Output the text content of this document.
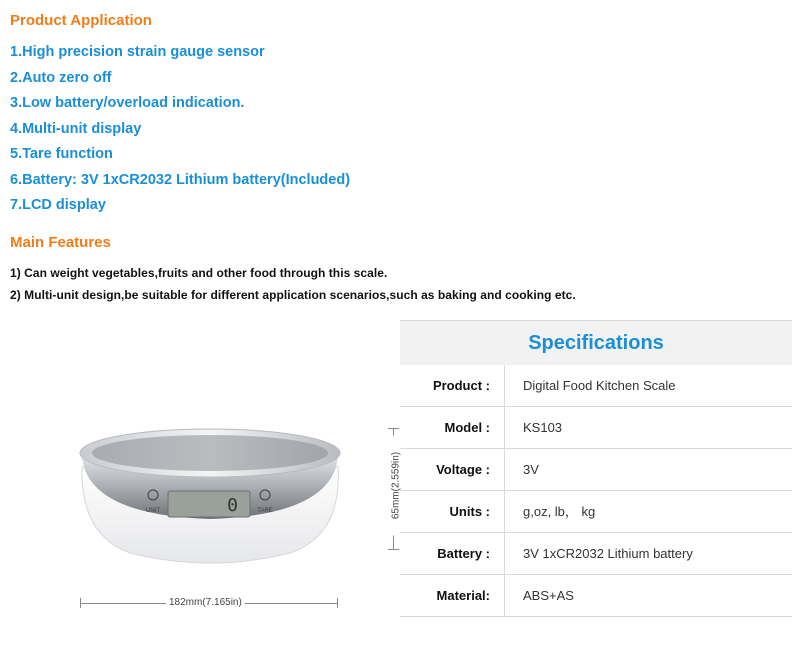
Product Application
1.High precision strain gauge sensor
2.Auto zero off
3.Low battery/overload indication.
4.Multi-unit display
5.Tare function
6.Battery: 3V 1xCR2032 Lithium battery(Included)
7.LCD display
Main Features
1) Can weight vegetables,fruits and other food through this scale.
2) Multi-unit design,be suitable for different application scenarios,such as baking and cooking etc.
0
UNIT	TARE
182mm(7.165in)
65mm(2.559in)
Specifications
Product :	Digital Food Kitchen Scale
Model :	KS103
Voltage :	3V
Units :	g,oz, lb， kg
Battery :	3V 1xCR2032 Lithium battery
Material:	ABS+AS
